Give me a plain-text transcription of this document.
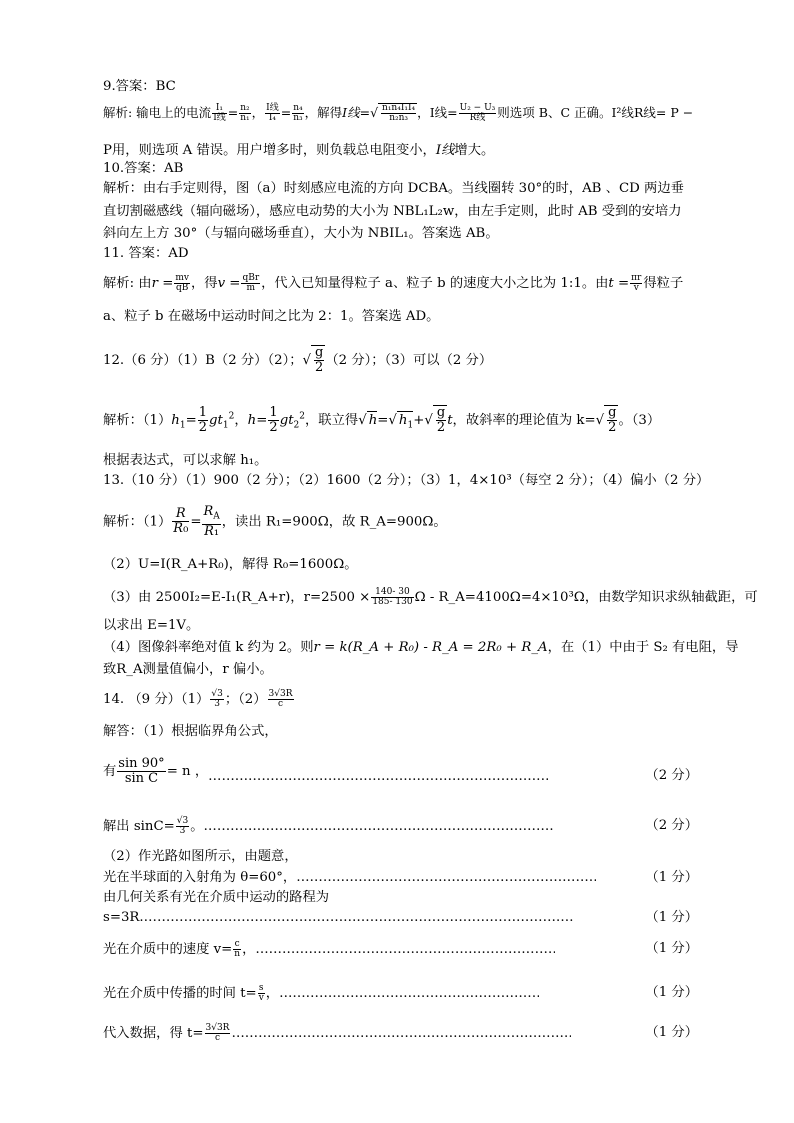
9.答案：BC
解析: 输电上的电流 $\frac{\text{I₁}}{\text{I线}} = \frac{\text{n₂}}{\text{n₁}}$ ， $\frac{\text{I线}}{\text{I₄}} = \frac{\text{n₄}}{\text{n₃}}$ ，解得I线= √ $\frac{\text{n₁n₄I₁I₄}}{\text{n₂n₃}}$ ，I线= $\frac{\text{U₂ − U₃}}{\text{R线}}$ 则选项 B、C 正确。I²线R线= P −
P用，则选项 A 错误。用户增多时，则负载总电阻变小，I线增大。
10.答案：AB
解析：由右手定则得，图（a）时刻感应电流的方向 DCBA。当线圈转 30°的时，AB 、CD 两边垂
直切割磁感线（辐向磁场），感应电动势的大小为 NBL₁L₂w，由左手定则，此时 AB 受到的安培力
斜向左上方 30°（与辐向磁场垂直），大小为 NBIL₁。答案选 AB。
11. 答案：AD
解析: 由$r = \frac{mv}{qB}$ ，得$v = \frac{\text{qBr}}{m}$ ，代入已知量得粒子 a、粒子 b 的速度大小之比为 1:1。由$t = \frac{\pi r}{v}$ 得粒子
a、粒子 b 在磁场中运动时间之比为 2：1。答案选 AD。
12.（6 分）（1）B（2 分）（2）；√ $\frac{g}{2} (2$ 分）；（3）可以（2 分）
解析：$(1)h_1= \frac{1}{2} gt_1^2$，$h= \frac{1}{2} gt_2^2$，联立得 √ h= √ $h_1+√ \frac{g}{2}$ t，故斜率的理论值为 $k=√ \frac{g}{2}$ 。（3）
根据表达式，可以求解 h₁。
13.（10 分）（1）900（2 分）；（2）1600（2 分）；（3）1，4×10³（每空 2 分）；（4）偏小（2 分）
解析：$(1) \frac{R}{\text{R₀}} = \frac{R_A}{\text{R₁}}$ ，读出 R₁=900Ω，故 R_A=900Ω。
（2）U=I(R_A+R₀)，解得 R₀=1600Ω。
（3）由 2500I₂=E-I₁(R_A+r)，$r=2500 \times \frac{140- 30}{185- 130}$ Ω - R_A=4100Ω=4×10³Ω，由数学知识求纵轴截距，可
以求出 E=1V。
（4）图像斜率绝对值 k 约为 2。则r = k(R_A + R₀) - R_A = 2R₀ + R_A，在（1）中由于 S₂ 有电阻，导
致R_A测量值偏小，r 偏小。
14. （9 分）$(1) \frac{√3}{3}$ ；$(2) \frac{3√3R}{c}$
解答：（1）根据临界角公式，
有 $\frac{\sin 90^\circ}{\text{sin C}} = n$ ， …………………………………………………………………………………………………………………………………………………………………………	（2 分）
解出 $\sin C= \frac{√3}{3}$ 。 …………………………………………………………………………………………………………………………………………………………………………	（2 分）
（2）作光路如图所示，由题意，
光在半球面的入射角为 θ=60°， …………………………………………………………………………………………………………………………………………………………………………	（1 分）
由几何关系有光在介质中运动的路程为
s=3R. …………………………………………………………………………………………………………………………………………………………………………	（1 分）
光在介质中的速度 $v= \frac{c}{n}$ ， …………………………………………………………………………………………………………………………………………………………………………	（1 分）
光在介质中传播的时间 $t= \frac{s}{v}$ ， …………………………………………………………………………………………………………………………………………………………………………	（1 分）
代入数据，得 $t= \frac{3√3R}{c}$ …………………………………………………………………………………………………………………………………………………………………………	（1 分）
